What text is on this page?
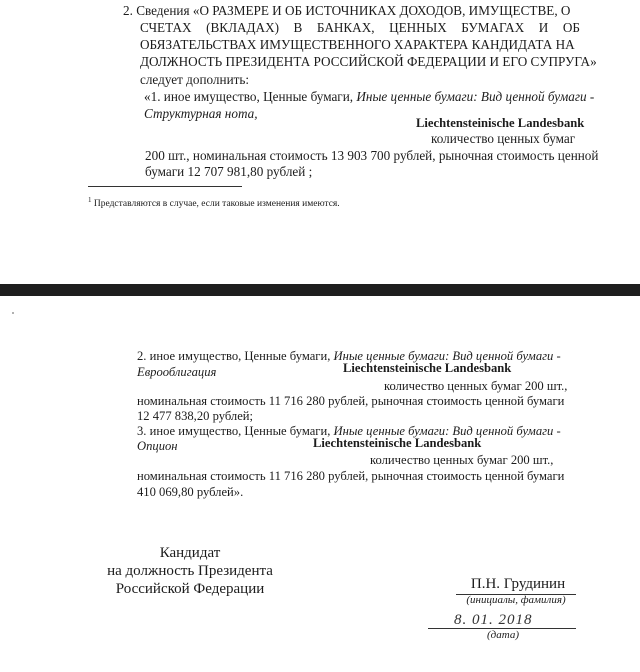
2. Сведения «О РАЗМЕРЕ И ОБ ИСТОЧНИКАХ ДОХОДОВ, ИМУЩЕСТВЕ, О
СЧЕТАХ (ВКЛАДАХ) В БАНКАХ, ЦЕННЫХ БУМАГАХ И ОБ
ОБЯЗАТЕЛЬСТВАХ ИМУЩЕСТВЕННОГО ХАРАКТЕРА КАНДИДАТА НА
ДОЛЖНОСТЬ ПРЕЗИДЕНТА РОССИЙСКОЙ ФЕДЕРАЦИИ И ЕГО СУПРУГА»
следует дополнить:
«1. иное имущество, Ценные бумаги, Иные ценные бумаги: Вид ценной бумаги -
Структурная нота,
Liechtensteinische Landesbank
количество ценных бумаг
200 шт., номинальная стоимость 13 903 700 рублей, рыночная стоимость ценной
бумаги 12 707 981,80 рублей ;
$^1$ Представляются в случае, если таковые изменения имеются.
2. иное имущество, Ценные бумаги, Иные ценные бумаги: Вид ценной бумаги -
Еврооблигация	Liechtensteinische Landesbank
количество ценных бумаг 200 шт.,
номинальная стоимость 11 716 280 рублей, рыночная стоимость ценной бумаги
12 477 838,20 рублей;
3. иное имущество, Ценные бумаги, Иные ценные бумаги: Вид ценной бумаги -
Опцион	Liechtensteinische Landesbank
количество ценных бумаг 200 шт.,
номинальная стоимость 11 716 280 рублей, рыночная стоимость ценной бумаги
410 069,80 рублей».
Кандидат
на должность Президента
Российской Федерации	П.Н. Грудинин
(инициалы, фамилия)
8. 01. 2018
(дата)
